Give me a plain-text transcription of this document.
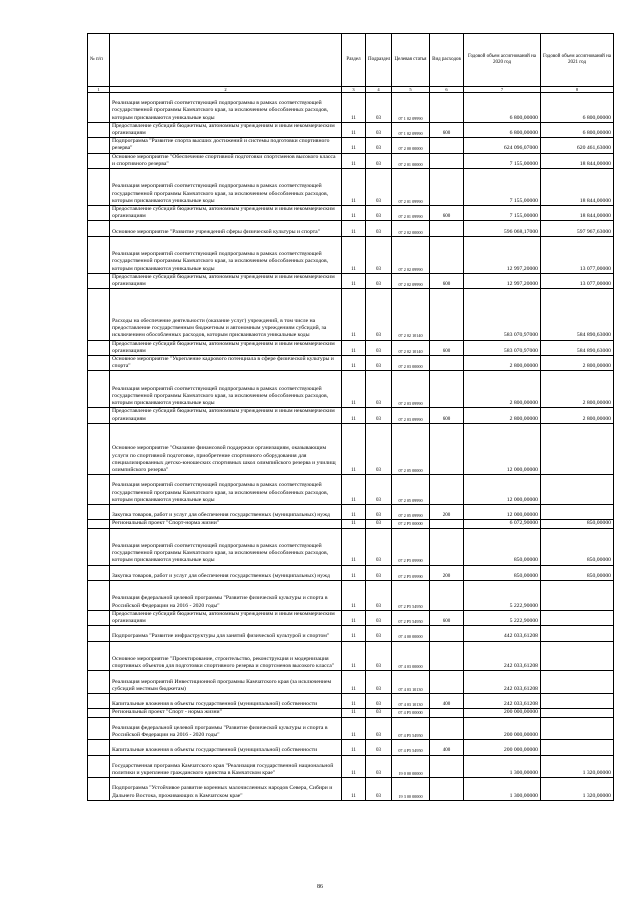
№ п/п		Раздел	Подраздел	Целевая статья	Вид расходов	Годовой объем ассигнований на 2020 год	Годовой объем ассигнований на 2021 год
1	2	3	4	5	6	7	8
	Реализация мероприятий соответствующей подпрограммы в рамках соответствующей государственной программы Камчатского края, за исключением обособленных расходов, которым присваиваются уникальные коды	11	03	07 1 02 09990		6 800,00000	6 800,00000
	Предоставление субсидий бюджетным, автономным учреждениям и иным некоммерческим организациям	11	03	07 1 02 09990	600	6 800,00000	6 800,00000
	Подпрограмма "Развитие спорта высших достижений и системы подготовки спортивного резерва"	11	03	07 2 00 00000		624 096,07000	620 461,63000
	Основное мероприятие "Обеспечение спортивной подготовки спортсменов высокого класса и спортивного резерва"	11	03	07 2 01 00000		7 155,00000	18 844,00000
	Реализация мероприятий соответствующей подпрограммы в рамках соответствующей государственной программы Камчатского края, за исключением обособленных расходов, которым присваиваются уникальные коды	11	03	07 2 01 09990		7 155,00000	18 844,00000
	Предоставление субсидий бюджетным, автономным учреждениям и иным некоммерческим организациям	11	03	07 2 01 09990	600	7 155,00000	18 844,00000
	Основное мероприятие "Развитие учреждений сферы физической культуры и спорта"	11	03	07 2 02 00000		596 068,17000	597 967,63000
	Реализация мероприятий соответствующей подпрограммы в рамках соответствующей государственной программы Камчатского края, за исключением обособленных расходов, которым присваиваются уникальные коды	11	03	07 2 02 09990		12 997,20000	13 077,00000
	Предоставление субсидий бюджетным, автономным учреждениям и иным некоммерческим организациям	11	03	07 2 02 09990	600	12 997,20000	13 077,00000
	Расходы на обеспечение деятельности (оказание услуг) учреждений, в том числе на предоставление государственным бюджетным и автономным учреждениям субсидий, за исключением обособленных расходов, которым присваиваются уникальные коды	11	03	07 2 02 10140		583 070,97000	584 890,63000
	Предоставление субсидий бюджетным, автономным учреждениям и иным некоммерческим организациям	11	03	07 2 02 10140	600	583 070,97000	584 890,63000
	Основное мероприятие "Укрепление кадрового потенциала в сфере физической культуры и спорта"	11	03	07 2 03 00000		2 800,00000	2 800,00000
	Реализация мероприятий соответствующей подпрограммы в рамках соответствующей государственной программы Камчатского края, за исключением обособленных расходов, которым присваиваются уникальные коды	11	03	07 2 03 09990		2 800,00000	2 800,00000
	Предоставление субсидий бюджетным, автономным учреждениям и иным некоммерческим организациям	11	03	07 2 03 09990	600	2 800,00000	2 800,00000
	Основное мероприятие "Оказание финансовой поддержки организациям, оказывающим услуги по спортивной подготовке, приобретение спортивного оборудования для специализированных детско-юношеских спортивных школ олимпийского резерва и училищ олимпийского резерва"	11	03	07 2 05 00000		12 000,00000	
	Реализация мероприятий соответствующей подпрограммы в рамках соответствующей государственной программы Камчатского края, за исключением обособленных расходов, которым присваиваются уникальные коды	11	03	07 2 05 09990		12 000,00000	
	Закупка товаров, работ и услуг для обеспечения государственных (муниципальных) нужд	11	03	07 2 05 09990	200	12 000,00000	
	Региональный проект "Спорт-норма жизни"	11	03	07 2 P5 00000		6 072,90000	850,00000
	Реализация мероприятий соответствующей подпрограммы в рамках соответствующей государственной программы Камчатского края, за исключением обособленных расходов, которым присваиваются уникальные коды	11	03	07 2 P5 09990		850,00000	850,00000
	Закупка товаров, работ и услуг для обеспечения государственных (муниципальных) нужд	11	03	07 2 P5 09990	200	850,00000	850,00000
	Реализация федеральной целевой программы "Развитие физической культуры и спорта в Российской Федерации на 2016 - 2020 годы"	11	03	07 2 P5 54950		5 222,90000	
	Предоставление субсидий бюджетным, автономным учреждениям и иным некоммерческим организациям	11	03	07 2 P5 54950	600	5 222,90000	
	Подпрограмма "Развитие инфраструктуры для занятий физической культурой и спортом"	11	03	07 4 00 00000		442 033,61208	
	Основное мероприятие "Проектирование, строительство, реконструкция и модернизация спортивных объектов для подготовки спортивного резерва и спортсменов высокого класса"	11	03	07 4 03 00000		242 033,61208	
	Реализация мероприятий Инвестиционной программы Камчатского края (за исключением субсидий местным бюджетам)	11	03	07 4 03 10130		242 033,61208	
	Капитальные вложения в объекты государственной (муниципальной) собственности	11	03	07 4 03 10130	400	242 033,61208	
	Региональный проект "Спорт - норма жизни"	11	03	07 4 P5 00000		200 000,00000	
	Реализация федеральной целевой программы "Развитие физической культуры и спорта в Российской Федерации на 2016 - 2020 годы"	11	03	07 4 P5 54950		200 000,00000	
	Капитальные вложения в объекты государственной (муниципальной) собственности	11	03	07 4 P5 54950	400	200 000,00000	
	Государственная программа Камчатского края "Реализация государственной национальной политики и укрепление гражданского единства в Камчатском крае"	11	03	19 0 00 00000		1 300,00000	1 320,00000
	Подпрограмма "Устойчивое развитие коренных малочисленных народов Севера, Сибири и Дальнего Востока, проживающих в Камчатском крае"	11	03	19 3 00 00000		1 300,00000	1 320,00000
86
